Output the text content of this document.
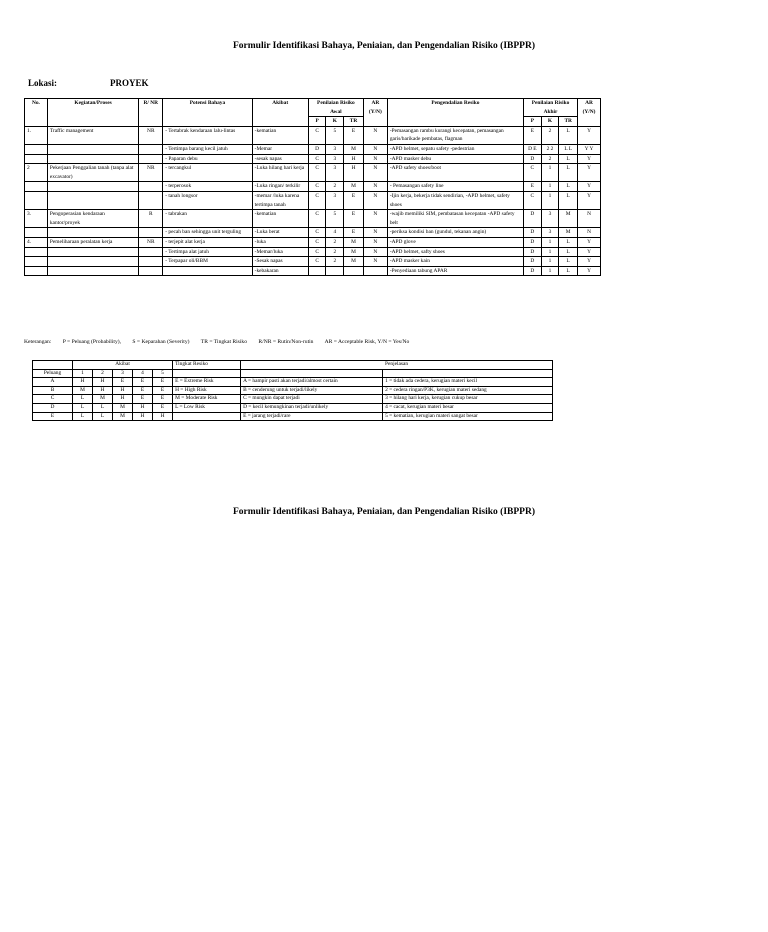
Formulir Identifikasi Bahaya, Peniaian, dan Pengendalian Risiko (IBPPR)
Lokasi:	PROYEK
No.	Kegiatan/Proses	R/ NR	Potensi Bahaya	Akibat	Penilaian Risiko Awal			AR (Y/N)	Pengendalian Resiko	Penilaian Risiko Akhir			AR (Y/N)
					P	K	TR			P	K	TR	
1.	Traffic management	NR	- Tertabrak kendaraan lalu-lintas	-kematian	C	5	E	N	-Pemasangan rambu kurangi kecepatan, pemasangan garis/barikade pembatas, flagman	E	2	L	Y
			- Tertimpa barang kecil jatuh	-Memar	D	3	M	N	-APD helmet, sepatu safety -pedestrian	D E	2 2	L L	Y Y
			- Paparan debu	-sesak napas	C	3	H	N	-APD masker debu	D	2	L	Y
2	Pekerjaan Penggalian tanah (tanpa alat excavator)	NR	- tercangkul	-Luka hilang hari kerja	C	3	H	N	-APD safety shoes/boot	C	1	L	Y
			- terperosok	-Luka ringan/ terkilir	C	2	M	N	- Pemasangan safety line	E	1	L	Y
			- tanah longsor	-memar /luka karena tertimpa tanah	C	3	E	N	-Ijin kerja, bekerja tidak sendirian, -APD helmet, safety shoes	C	1	L	Y
3.	Pengoperasian kendaraan kantor/proyek	R	- tabrakan	-kematian	C	5	E	N	-wajib memiliki SIM, pembatasan kecepatan -APD safety belt	D	3	M	N
			- pecah ban sehingga unit terguling	-Luka berat	C	4	E	N	-periksa kondisi ban (gundul, tekanan angin)	D	3	M	N
4.	Pemeliharaan peralatan kerja	NR	- terjepit alat kerja	-luka	C	2	M	N	-APD glove	D	1	L	Y
			- Tertimpa alat jatuh	-Memar/luka	C	2	M	N	-APD helmet, safty shoes	D	1	L	Y
			- Terpapar oli/BBM	-Sesak napas	C	2	M	N	-APD masker kain	D	1	L	Y
				-kebakaran					-Penyediaan tabung APAR	D	1	L	Y
Keterangan: P = Peluang (Probability), S = Keparahan (Severity) TR = Tingkat Risiko R/NR = Rutin/Non-rutin AR = Acceptable Risk, Y/N = Yes/No
	Akibat					Tingkat Resiko	Penjelasan	
Peluang	1	2	3	4	5			
A	H	H	E	E	E	E = Extreme Risk	A = hampir pasti akan terjadi/almost certain	1 = tidak ada cedera, kerugian materi kecil
B	M	H	H	E	E	H = High Risk	B = cenderung untuk terjadi/likely	2 = cedera ringan/P3K, kerugian materi sedang
C	L	M	H	E	E	M = Moderate Risk	C = mungkin dapat terjadi	3 = hilang hari kerja, kerugian cukup besar
D	L	L	M	H	E	L = Low Risk	D = kecil kemungkinan terjadi/unlikely	4 = cacat, kerugian materi besar
E	L	L	M	H	H		E = jarang terjadi/rare	5 = kematian, kerugian materi sangat besar
Formulir Identifikasi Bahaya, Peniaian, dan Pengendalian Risiko (IBPPR)
